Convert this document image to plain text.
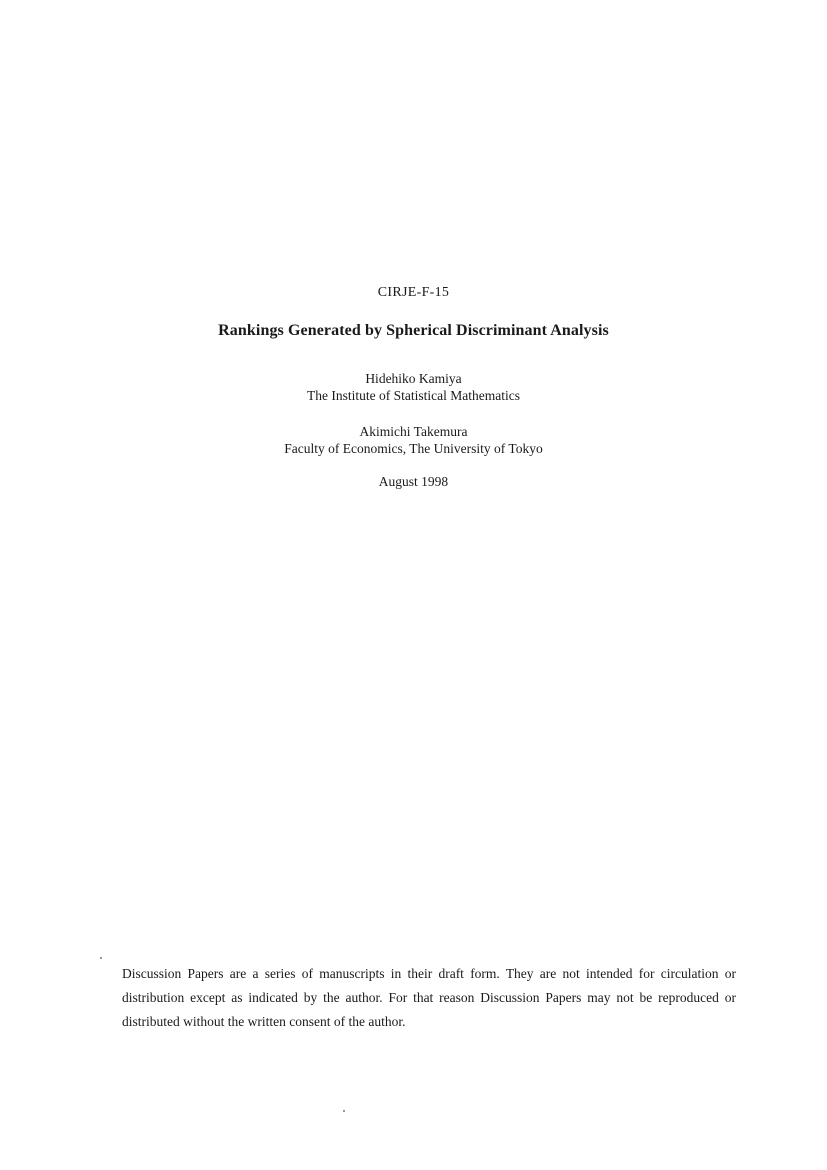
CIRJE-F-15
Rankings Generated by Spherical Discriminant Analysis
Hidehiko Kamiya
The Institute of Statistical Mathematics
Akimichi Takemura
Faculty of Economics, The University of Tokyo
August 1998
Discussion Papers are a series of manuscripts in their draft form. They are not intended for circulation or distribution except as indicated by the author. For that reason Discussion Papers may not be reproduced or distributed without the written consent of the author.
